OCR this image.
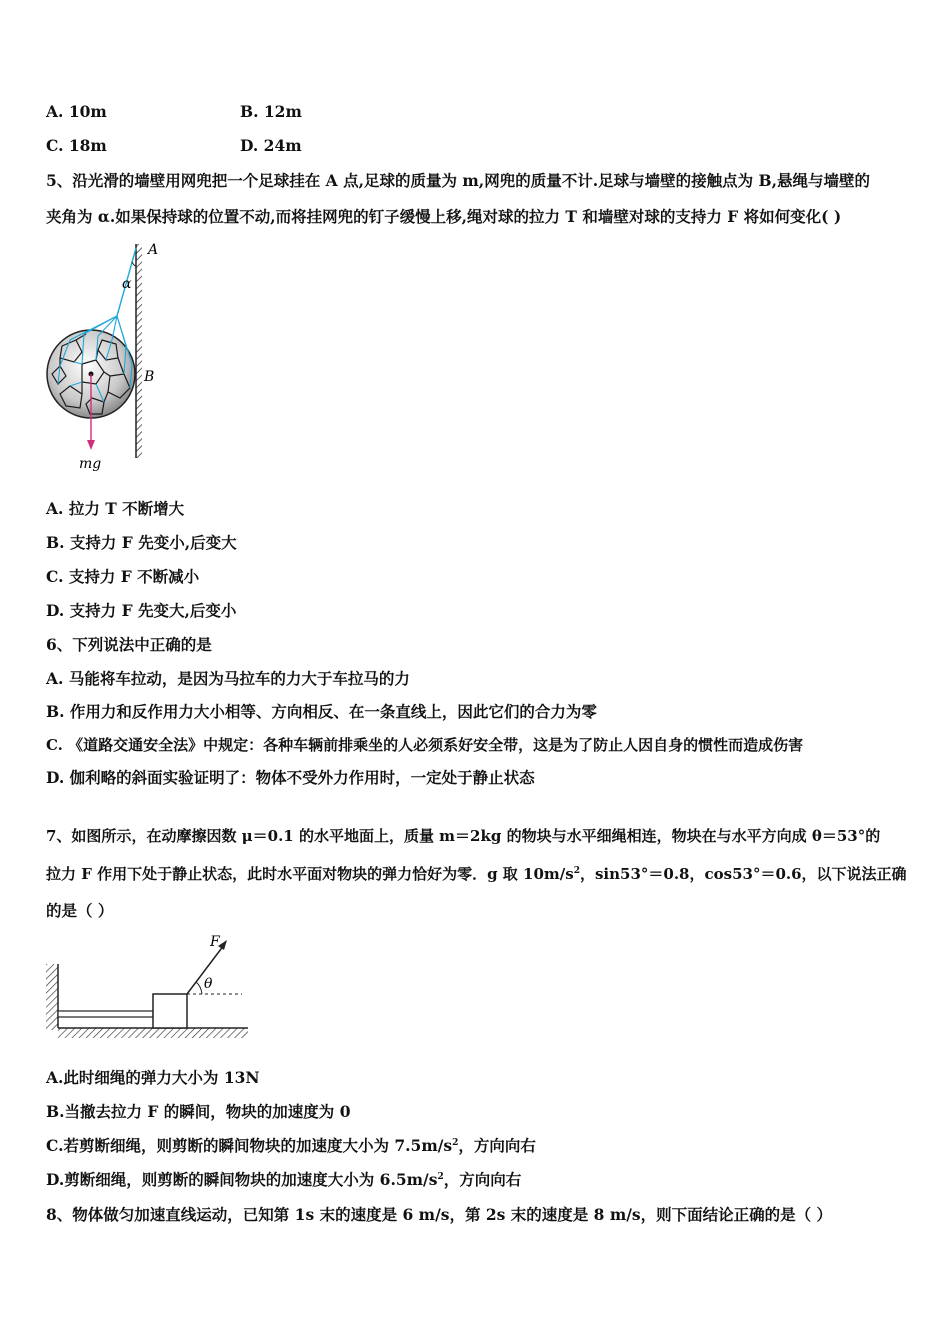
A. 10m	B. 12m
C. 18m	D. 24m
5、沿光滑的墙壁用网兜把一个足球挂在 A 点,足球的质量为 m,网兜的质量不计.足球与墙壁的接触点为 B,悬绳与墙壁的
夹角为 α.如果保持球的位置不动,而将挂网兜的钉子缓慢上移,绳对球的拉力 T 和墙壁对球的支持力 F 将如何变化( )
A
α
B
mg
A. 拉力 T 不断增大
B. 支持力 F 先变小,后变大
C. 支持力 F 不断减小
D. 支持力 F 先变大,后变小
6、下列说法中正确的是
A. 马能将车拉动，是因为马拉车的力大于车拉马的力
B. 作用力和反作用力大小相等、方向相反、在一条直线上，因此它们的合力为零
C. 《道路交通安全法》中规定：各种车辆前排乘坐的人必须系好安全带，这是为了防止人因自身的惯性而造成伤害
D. 伽利略的斜面实验证明了：物体不受外力作用时，一定处于静止状态
7、如图所示，在动摩擦因数 μ＝0.1 的水平地面上，质量 m＝2kg 的物块与水平细绳相连，物块在与水平方向成 θ＝53°的
拉力 F 作用下处于静止状态，此时水平面对物块的弹力恰好为零．g 取 $10m/s^2$，sin53°＝0.8，cos53°＝0.6，以下说法正确
的是（ ）
F
θ
A.此时细绳的弹力大小为 13N
B.当撤去拉力 F 的瞬间，物块的加速度为 0
C.若剪断细绳，则剪断的瞬间物块的加速度大小为 $7.5m/s^2$，方向向右
D.剪断细绳，则剪断的瞬间物块的加速度大小为 $6.5m/s^2$，方向向右
8、物体做匀加速直线运动，已知第 1s 末的速度是 6 m/s，第 2s 末的速度是 8 m/s，则下面结论正确的是（ ）
